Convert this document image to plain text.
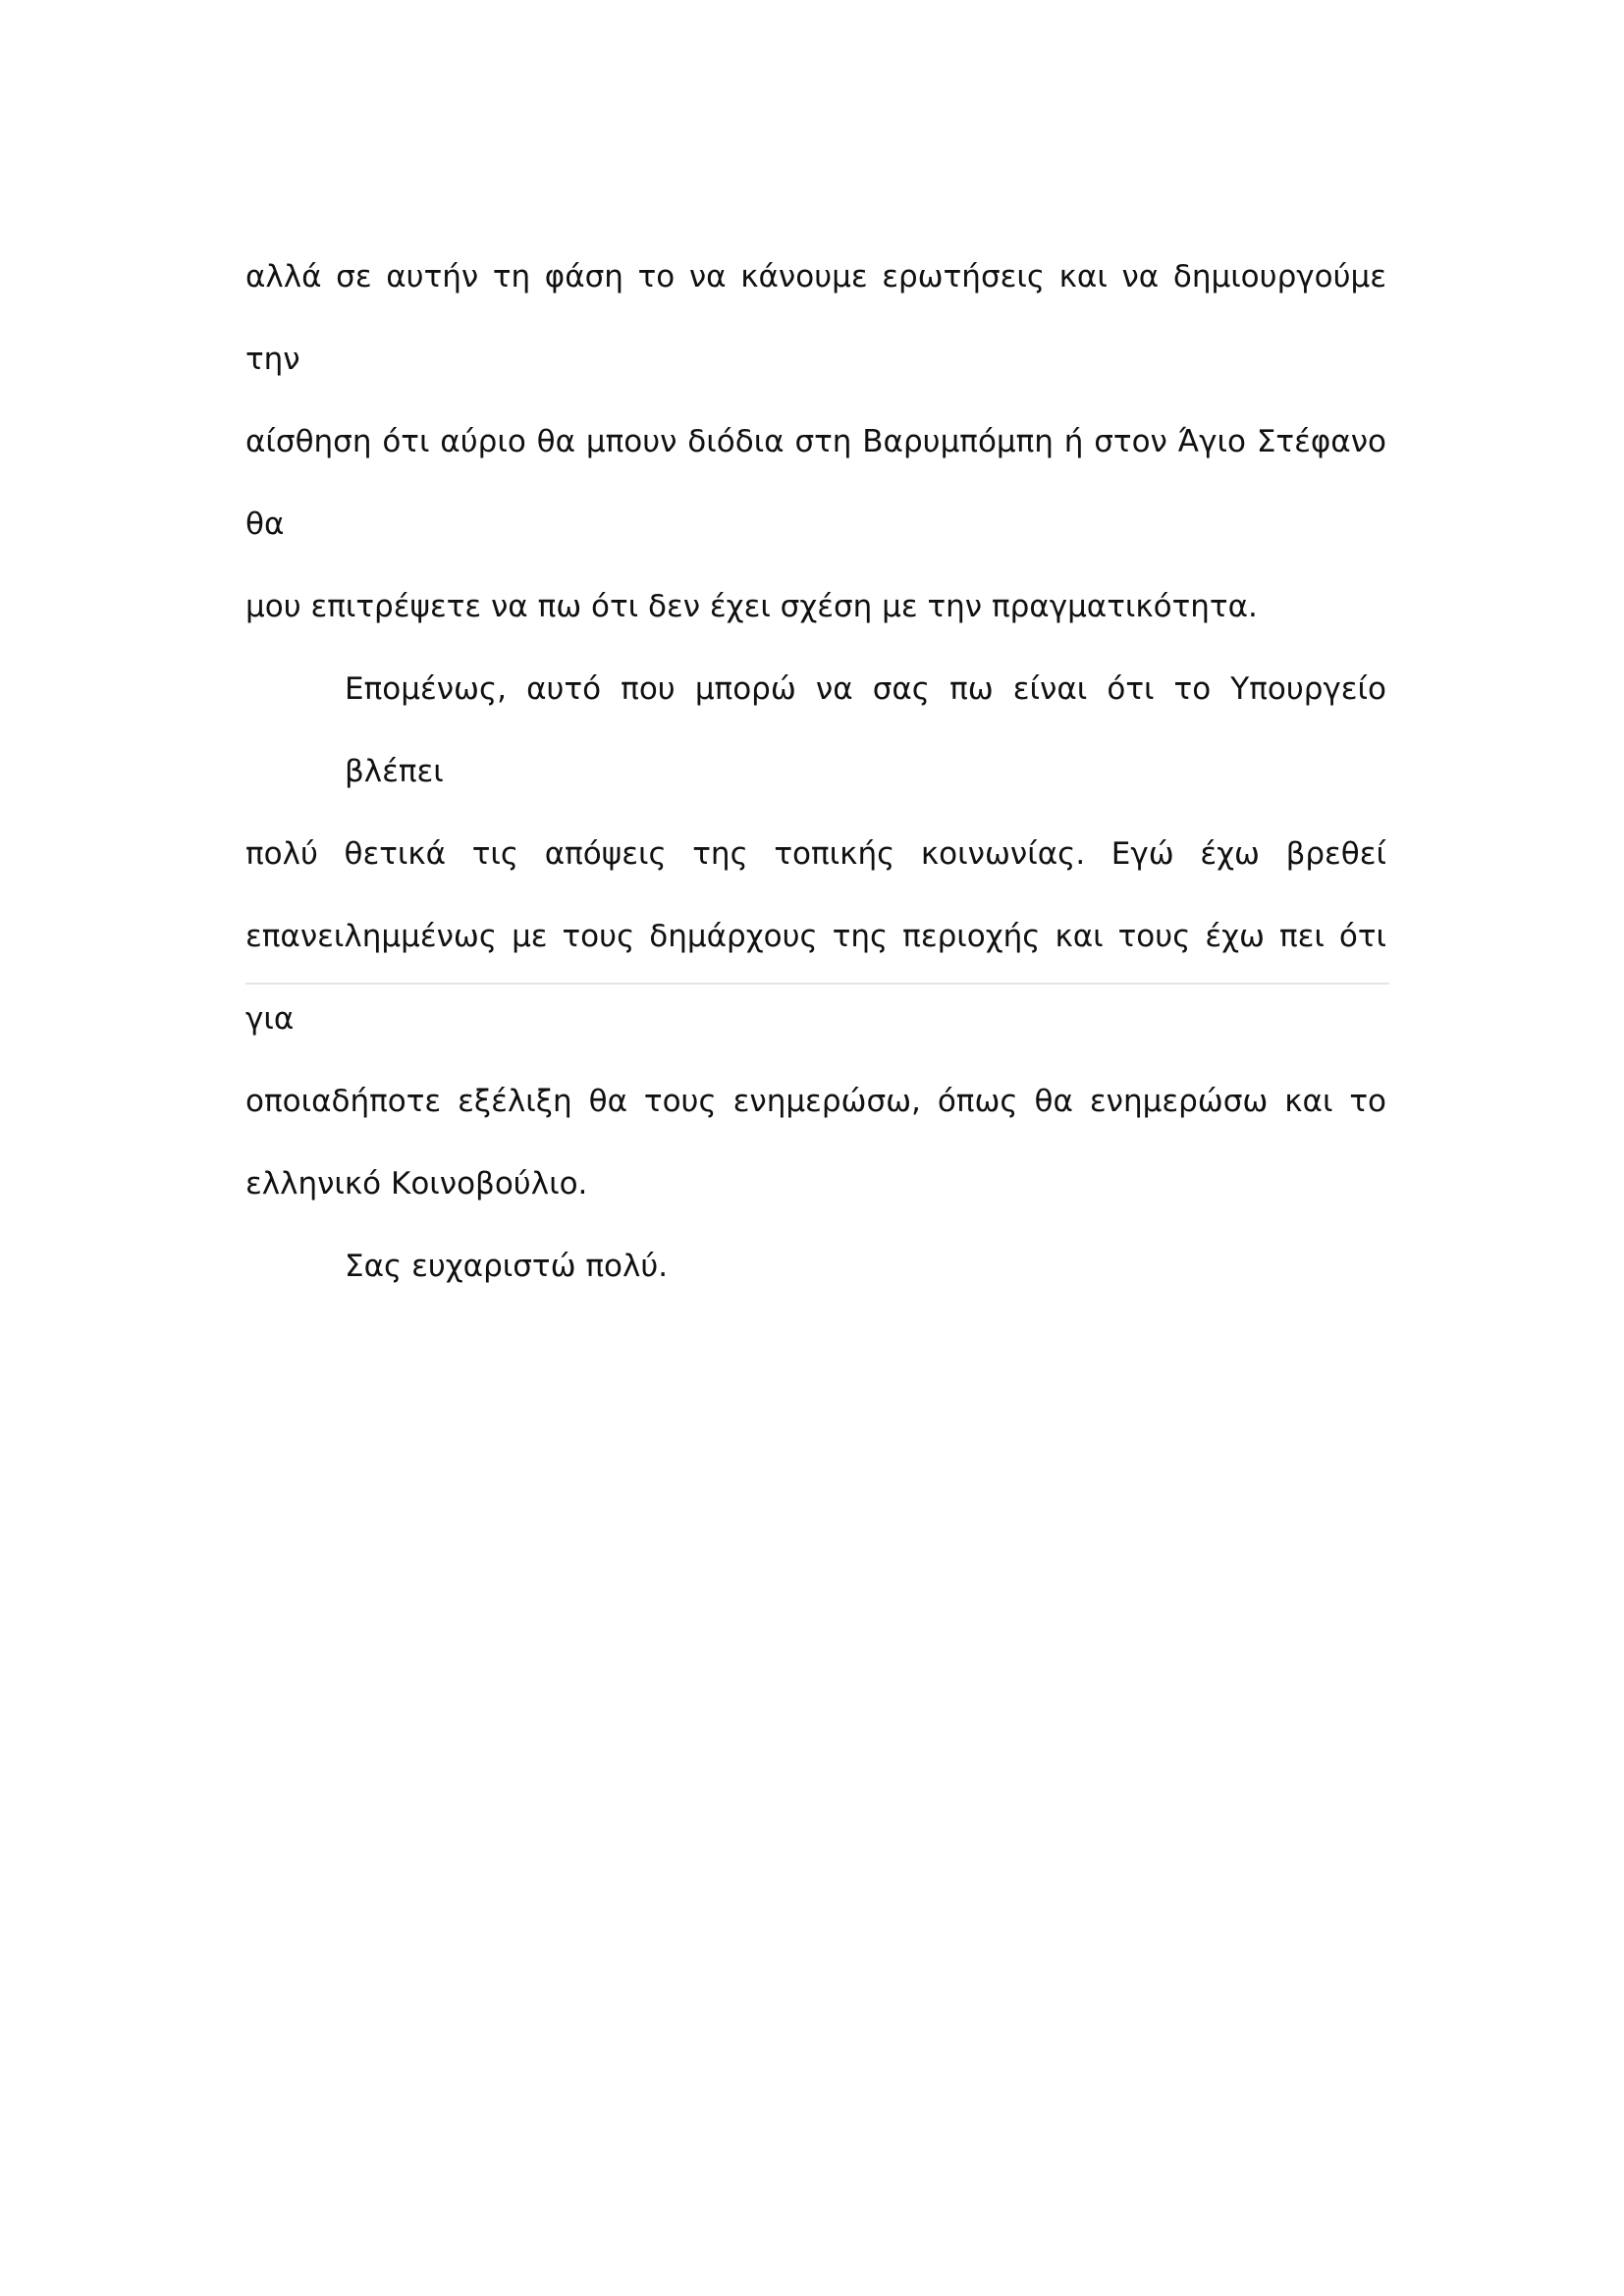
αλλά σε αυτήν τη φάση το να κάνουμε ερωτήσεις και να δημιουργούμε την
αίσθηση ότι αύριο θα μπουν διόδια στη Βαρυμπόμπη ή στον Άγιο Στέφανο θα
μου επιτρέψετε να πω ότι δεν έχει σχέση με την πραγματικότητα.

Επομένως, αυτό που μπορώ να σας πω είναι ότι το Υπουργείο βλέπει
πολύ θετικά τις απόψεις της τοπικής κοινωνίας. Εγώ έχω βρεθεί
επανειλημμένως με τους δημάρχους της περιοχής και τους έχω πει ότι για
οποιαδήποτε εξέλιξη θα τους ενημερώσω, όπως θα ενημερώσω και το
ελληνικό Κοινοβούλιο.

Σας ευχαριστώ πολύ.
